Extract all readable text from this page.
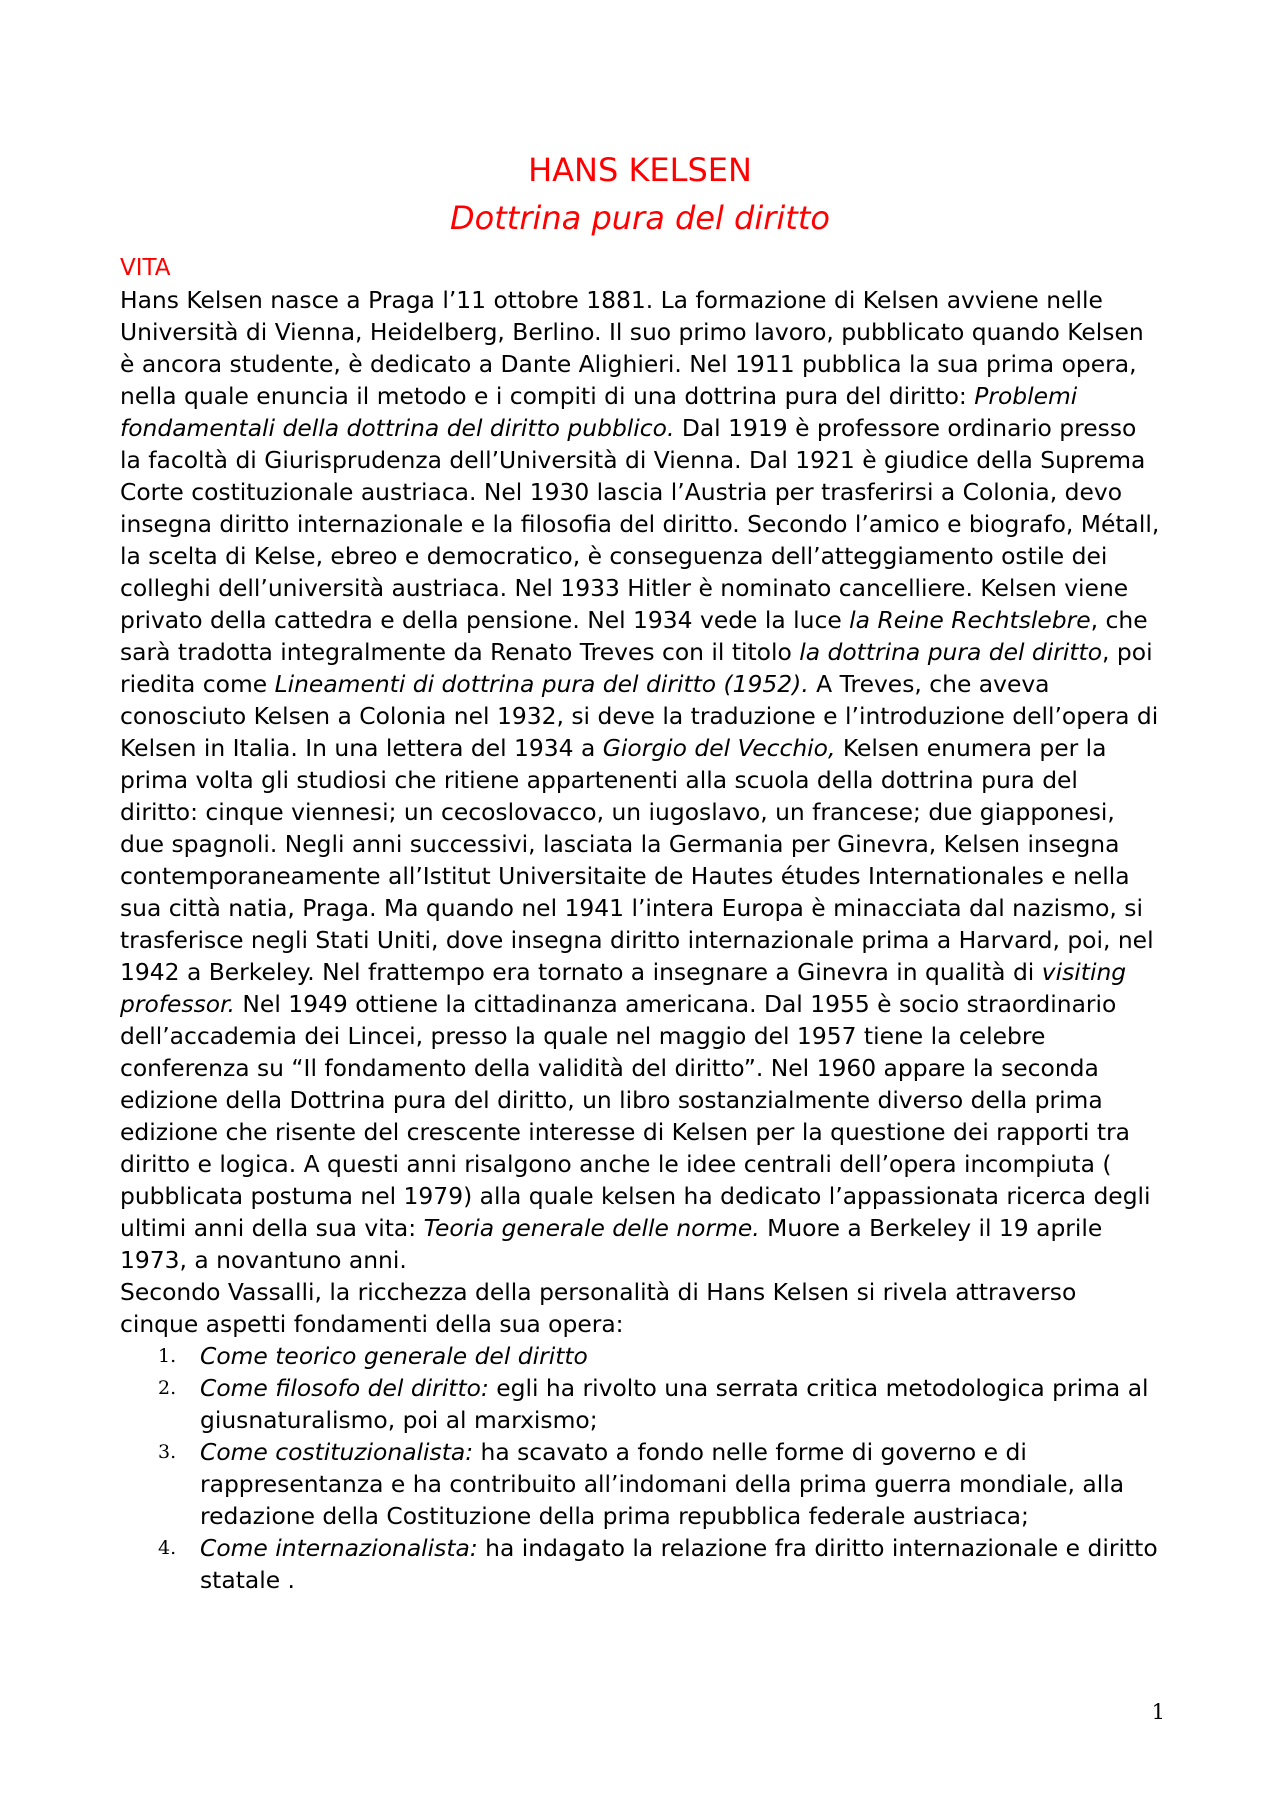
HANS KELSEN
Dottrina pura del diritto
VITA

Hans Kelsen nasce a Praga l’11 ottobre 1881. La formazione di Kelsen avviene nelle Università di Vienna, Heidelberg, Berlino. Il suo primo lavoro, pubblicato quando Kelsen è ancora studente, è dedicato a Dante Alighieri. Nel 1911 pubblica la sua prima opera, nella quale enuncia il metodo e i compiti di una dottrina pura del diritto: Problemi fondamentali della dottrina del diritto pubblico. Dal 1919 è professore ordinario presso la facoltà di Giurisprudenza dell’Università di Vienna. Dal 1921 è giudice della Suprema Corte costituzionale austriaca. Nel 1930 lascia l’Austria per trasferirsi a Colonia, devo insegna diritto internazionale e la filosofia del diritto. Secondo l’amico e biografo, Métall, la scelta di Kelse, ebreo e democratico, è conseguenza dell’atteggiamento ostile dei colleghi dell’università austriaca. Nel 1933 Hitler è nominato cancelliere. Kelsen viene privato della cattedra e della pensione. Nel 1934 vede la luce la Reine Rechtslebre, che sarà tradotta integralmente da Renato Treves con il titolo la dottrina pura del diritto, poi riedita come Lineamenti di dottrina pura del diritto (1952). A Treves, che aveva conosciuto Kelsen a Colonia nel 1932, si deve la traduzione e l’introduzione dell’opera di Kelsen in Italia. In una lettera del 1934 a Giorgio del Vecchio, Kelsen enumera per la prima volta gli studiosi che ritiene appartenenti alla scuola della dottrina pura del diritto: cinque viennesi; un cecoslovacco, un iugoslavo, un francese; due giapponesi, due spagnoli. Negli anni successivi, lasciata la Germania per Ginevra, Kelsen insegna contemporaneamente all’Istitut Universitaite de Hautes études Internationales e nella sua città natia, Praga. Ma quando nel 1941 l’intera Europa è minacciata dal nazismo, si trasferisce negli Stati Uniti, dove insegna diritto internazionale prima a Harvard, poi, nel 1942 a Berkeley. Nel frattempo era tornato a insegnare a Ginevra in qualità di visiting professor. Nel 1949 ottiene la cittadinanza americana. Dal 1955 è socio straordinario dell’accademia dei Lincei, presso la quale nel maggio del 1957 tiene la celebre conferenza su “Il fondamento della validità del diritto”. Nel 1960 appare la seconda edizione della Dottrina pura del diritto, un libro sostanzialmente diverso della prima edizione che risente del crescente interesse di Kelsen per la questione dei rapporti tra diritto e logica. A questi anni risalgono anche le idee centrali dell’opera incompiuta ( pubblicata postuma nel 1979) alla quale kelsen ha dedicato l’appassionata ricerca degli ultimi anni della sua vita: Teoria generale delle norme. Muore a Berkeley il 19 aprile 1973, a novantuno anni.

Secondo Vassalli, la ricchezza della personalità di Hans Kelsen si rivela attraverso cinque aspetti fondamenti della sua opera:

1. Come teorico generale del diritto
2. Come filosofo del diritto: egli ha rivolto una serrata critica metodologica prima al giusnaturalismo, poi al marxismo;
3. Come costituzionalista: ha scavato a fondo nelle forme di governo e di rappresentanza e ha contribuito all’indomani della prima guerra mondiale, alla redazione della Costituzione della prima repubblica federale austriaca;
4. Come internazionalista: ha indagato la relazione fra diritto internazionale e diritto statale .
1
